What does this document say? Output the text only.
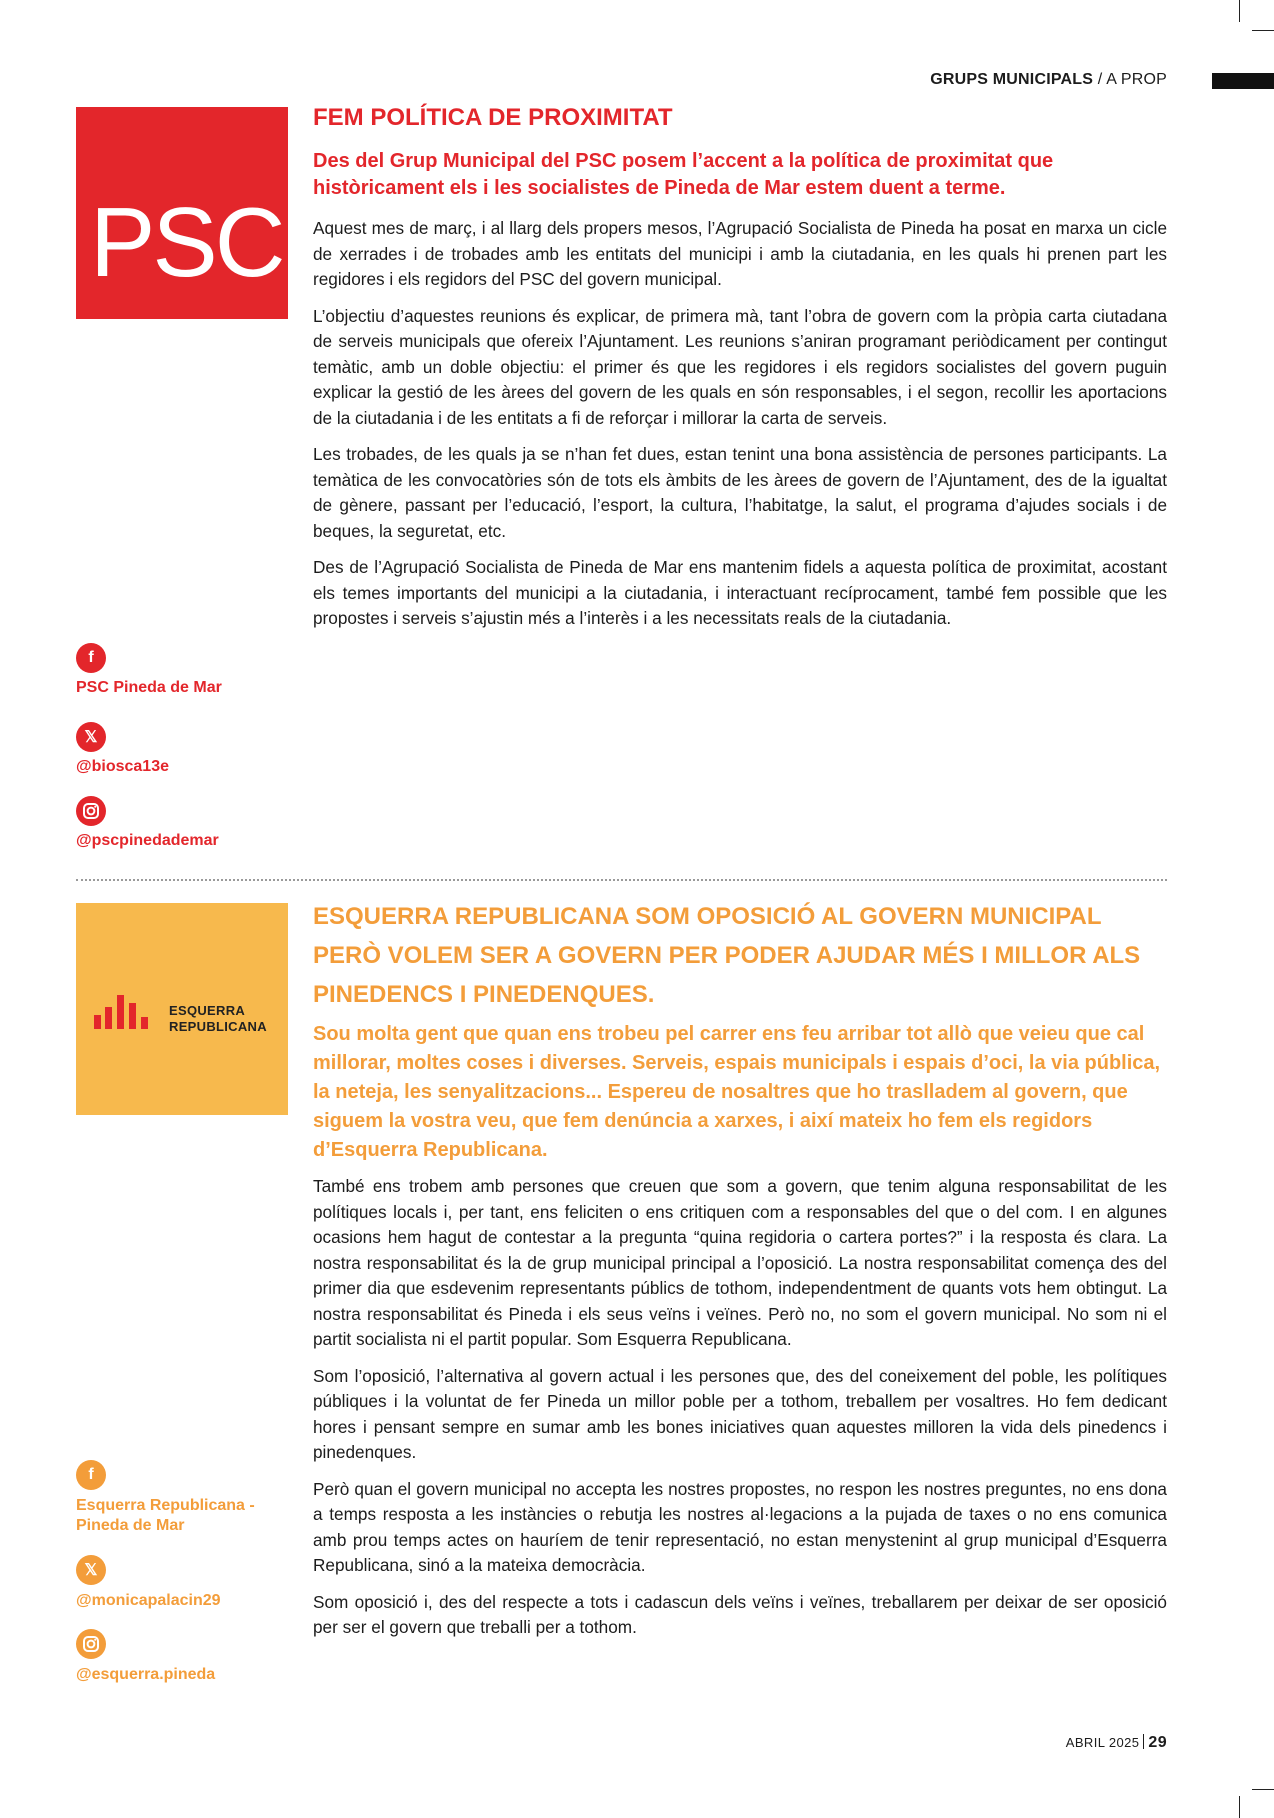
GRUPS MUNICIPALS / A PROP
PSC
FEM POLÍTICA DE PROXIMITAT
Des del Grup Municipal del PSC posem l’accent a la política de proximitat que històricament els i les socialistes de Pineda de Mar estem duent a terme.

Aquest mes de març, i al llarg dels propers mesos, l’Agrupació Socialista de Pineda ha posat en marxa un cicle de xerrades i de trobades amb les entitats del municipi i amb la ciutadania, en les quals hi prenen part les regidores i els regidors del PSC del govern municipal.

L’objectiu d’aquestes reunions és explicar, de primera mà, tant l’obra de govern com la pròpia carta ciutadana de serveis municipals que ofereix l’Ajuntament. Les reunions s’aniran programant periòdicament per contingut temàtic, amb un doble objectiu: el primer és que les regidores i els regidors socialistes del govern puguin explicar la gestió de les àrees del govern de les quals en són responsables, i el segon, recollir les aportacions de la ciutadania i de les entitats a fi de reforçar i millorar la carta de serveis.

Les trobades, de les quals ja se n’han fet dues, estan tenint una bona assistència de persones participants. La temàtica de les convocatòries són de tots els àmbits de les àrees de govern de l’Ajuntament, des de la igualtat de gènere, passant per l’educació, l’esport, la cultura, l’habitatge, la salut, el programa d’ajudes socials i de beques, la seguretat, etc.

Des de l’Agrupació Socialista de Pineda de Mar ens mantenim fidels a aquesta política de proximitat, acostant els temes importants del municipi a la ciutadania, i interactuant recíprocament, també fem possible que les propostes i serveis s’ajustin més a l’interès i a les necessitats reals de la ciutadania.

f
PSC Pineda de Mar
𝕏
@biosca13e
@pscpinedademar
ESQUERRA
REPUBLICANA
ESQUERRA REPUBLICANA SOM OPOSICIÓ AL GOVERN MUNICIPAL PERÒ VOLEM SER A GOVERN PER PODER AJUDAR MÉS I MILLOR ALS PINEDENCS I PINEDENQUES.
Sou molta gent que quan ens trobeu pel carrer ens feu arribar tot allò que veieu que cal millorar, moltes coses i diverses. Serveis, espais municipals i espais d’oci, la via pública, la neteja, les senyalitzacions... Espereu de nosaltres que ho traslladem al govern, que siguem la vostra veu, que fem denúncia a xarxes, i així mateix ho fem els regidors d’Esquerra Republicana.

També ens trobem amb persones que creuen que som a govern, que tenim alguna responsabilitat de les polítiques locals i, per tant, ens feliciten o ens critiquen com a responsables del que o del com. I en algunes ocasions hem hagut de contestar a la pregunta “quina regidoria o cartera portes?” i la resposta és clara. La nostra responsabilitat és la de grup municipal principal a l’oposició. La nostra responsabilitat comença des del primer dia que esdevenim representants públics de tothom, independentment de quants vots hem obtingut. La nostra responsabilitat és Pineda i els seus veïns i veïnes. Però no, no som el govern municipal. No som ni el partit socialista ni el partit popular. Som Esquerra Republicana.

Som l’oposició, l’alternativa al govern actual i les persones que, des del coneixement del poble, les polítiques públiques i la voluntat de fer Pineda un millor poble per a tothom, treballem per vosaltres. Ho fem dedicant hores i pensant sempre en sumar amb les bones iniciatives quan aquestes milloren la vida dels pinedencs i pinedenques.

Però quan el govern municipal no accepta les nostres propostes, no respon les nostres preguntes, no ens dona a temps resposta a les instàncies o rebutja les nostres al·legacions a la pujada de taxes o no ens comunica amb prou temps actes on hauríem de tenir representació, no estan menystenint al grup municipal d’Esquerra Republicana, sinó a la mateixa democràcia.

Som oposició i, des del respecte a tots i cadascun dels veïns i veïnes, treballarem per deixar de ser oposició per ser el govern que treballi per a tothom.

f
Esquerra Republicana - Pineda de Mar
𝕏
@monicapalacin29
@esquerra.pineda
ABRIL 2025 29
